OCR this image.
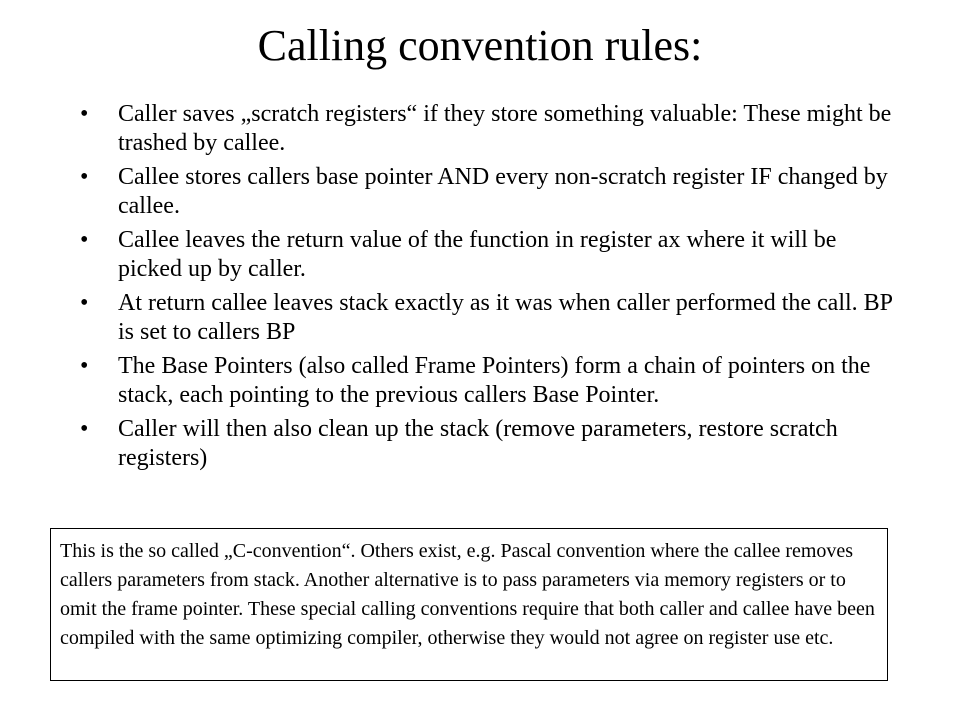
Calling convention rules:
• Caller saves „scratch registers“ if they store something valuable: These might be trashed by callee.
• Callee stores callers base pointer AND every non-scratch register IF changed by callee.
• Callee leaves the return value of the function in register ax where it will be picked up by caller.
• At return callee leaves stack exactly as it was when caller performed the call. BP is set to callers BP
• The Base Pointers (also called Frame Pointers) form a chain of pointers on the stack, each pointing to the previous callers Base Pointer.
• Caller will then also clean up the stack (remove parameters, restore scratch registers)
This is the so called „C-convention“. Others exist, e.g. Pascal convention where the callee removes callers parameters from stack. Another alternative is to pass parameters via memory registers or to omit the frame pointer. These special calling conventions require that both caller and callee have been compiled with the same optimizing compiler, otherwise they would not agree on register use etc.
